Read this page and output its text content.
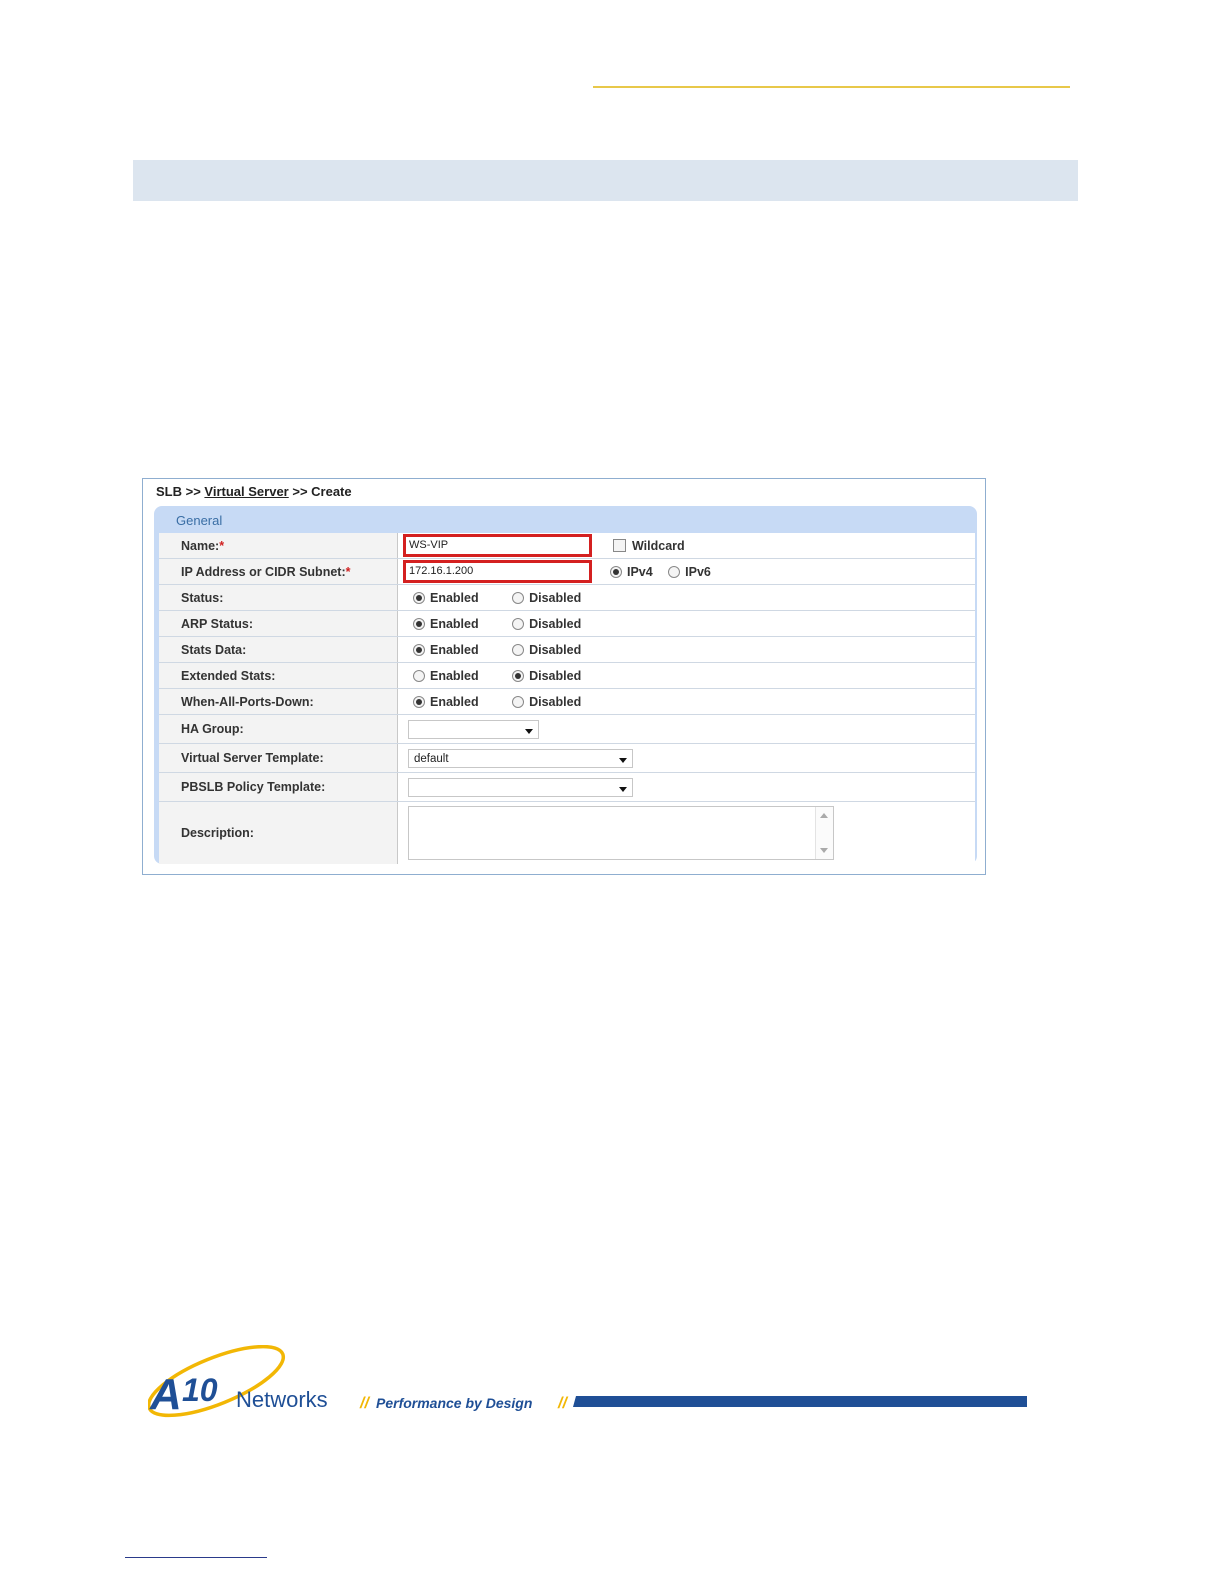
SLB >> Virtual Server >> Create
General
Name:*	WS-VIP Wildcard
IP Address or CIDR Subnet:*	172.16.1.200 IPv4 IPv6
Status:	Enabled Disabled
ARP Status:	Enabled Disabled
Stats Data:	Enabled Disabled
Extended Stats:	Enabled Disabled
When-All-Ports-Down:	Enabled Disabled
HA Group:	

Virtual Server Template:	default

PBSLB Policy Template:	

Description:	
A 10 Networks // Performance by Design //
